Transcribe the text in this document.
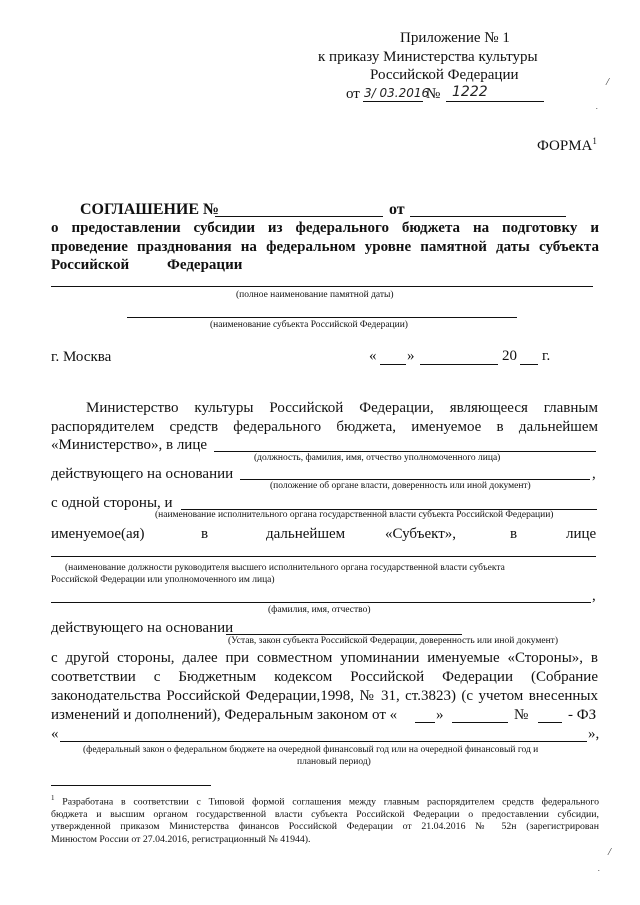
Приложение № 1
к приказу Министерства культуры
Российской Федерации
от 3/ 03.2016
№ 1222
ФОРМА$^1$
СОГЛАШЕНИЕ №	от
о предоставлении субсидии из федерального бюджета на подготовку и
проведение празднования на федеральном уровне памятной даты субъекта
Российской	Федерации
(полное наименование памятной даты)
(наименование субъекта Российской Федерации)
г. Москва	« »	20 г.
Министерство культуры Российской Федерации, являющееся главным
распорядителем средств федерального бюджета, именуемое в дальнейшем
«Министерство», в лице
(должность, фамилия, имя, отчество уполномоченного лица)
действующего на основании	,
(положение об органе власти, доверенность или иной документ)
с одной стороны, и
(наименование исполнительного органа государственной власти субъекта Российской Федерации)
именуемое(ая)	в	дальнейшем	«Субъект»,	в	лице
(наименование должности руководителя высшего исполнительного органа государственной власти субъекта
Российской Федерации или уполномоченного им лица)
,
(фамилия, имя, отчество)
действующего на основании
(Устав, закон субъекта Российской Федерации, доверенность или иной документ)
с другой стороны, далее при совместном упоминании именуемые «Стороны», в
соответствии с Бюджетным кодексом Российской Федерации (Собрание
законодательства Российской Федерации,1998, № 31, ст.3823) (с учетом внесенных
изменений и дополнений), Федеральным законом от «	»	№	- ФЗ
«	»,
(федеральный закон о федеральном бюджете на очередной финансовый год или на очередной финансовый год и
плановый период)
$^1$ Разработана в соответствии с Типовой формой соглашения между главным распорядителем средств федерального
бюджета и высшим органом государственной власти субъекта Российской Федерации о предоставлении субсидии,
утвержденной приказом Министерства финансов Российской Федерации от 21.04.2016 № 52н (зарегистрирован
Минюстом России от 27.04.2016, регистрационный № 41944).
/
.
/
.
